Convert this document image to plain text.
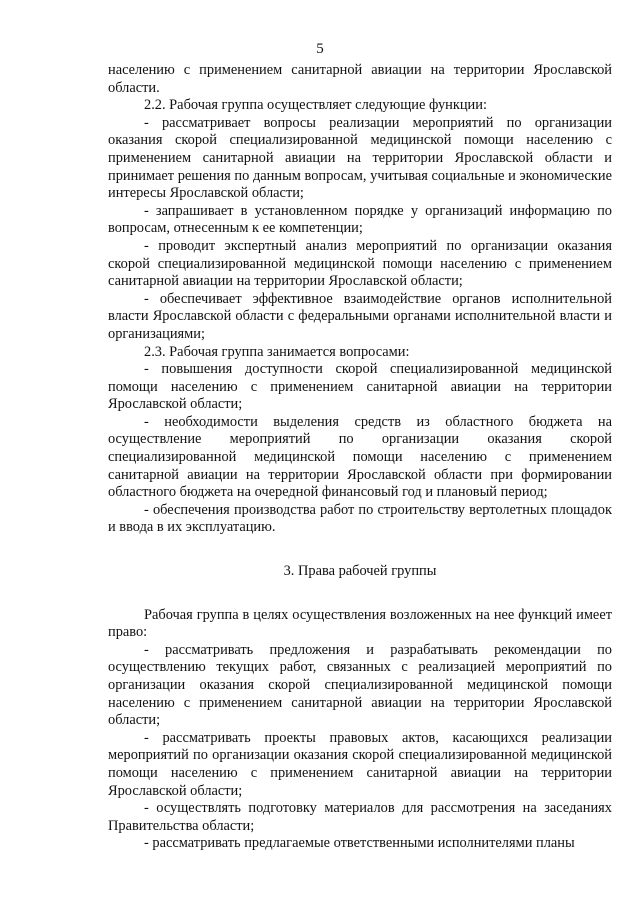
5

населению с применением санитарной авиации на территории Ярославской области.

2.2. Рабочая группа осуществляет следующие функции:

- рассматривает вопросы реализации мероприятий по организации оказания скорой специализированной медицинской помощи населению с применением санитарной авиации на территории Ярославской области и принимает решения по данным вопросам, учитывая социальные и экономические интересы Ярославской области;

- запрашивает в установленном порядке у организаций информацию по вопросам, отнесенным к ее компетенции;

- проводит экспертный анализ мероприятий по организации оказания скорой специализированной медицинской помощи населению с применением санитарной авиации на территории Ярославской области;

- обеспечивает эффективное взаимодействие органов исполнительной власти Ярославской области с федеральными органами исполнительной власти и организациями;

2.3. Рабочая группа занимается вопросами:

- повышения доступности скорой специализированной медицинской помощи населению с применением санитарной авиации на территории Ярославской области;

- необходимости выделения средств из областного бюджета на осуществление мероприятий по организации оказания скорой специализированной медицинской помощи населению с применением санитарной авиации на территории Ярославской области при формировании областного бюджета на очередной финансовый год и плановый период;

- обеспечения производства работ по строительству вертолетных площадок и ввода в их эксплуатацию.

3. Права рабочей группы

Рабочая группа в целях осуществления возложенных на нее функций имеет право:

- рассматривать предложения и разрабатывать рекомендации по осуществлению текущих работ, связанных с реализацией мероприятий по организации оказания скорой специализированной медицинской помощи населению с применением санитарной авиации на территории Ярославской области;

- рассматривать проекты правовых актов, касающихся реализации мероприятий по организации оказания скорой специализированной медицинской помощи населению с применением санитарной авиации на территории Ярославской области;

- осуществлять подготовку материалов для рассмотрения на заседаниях Правительства области;

- рассматривать предлагаемые ответственными исполнителями планы
